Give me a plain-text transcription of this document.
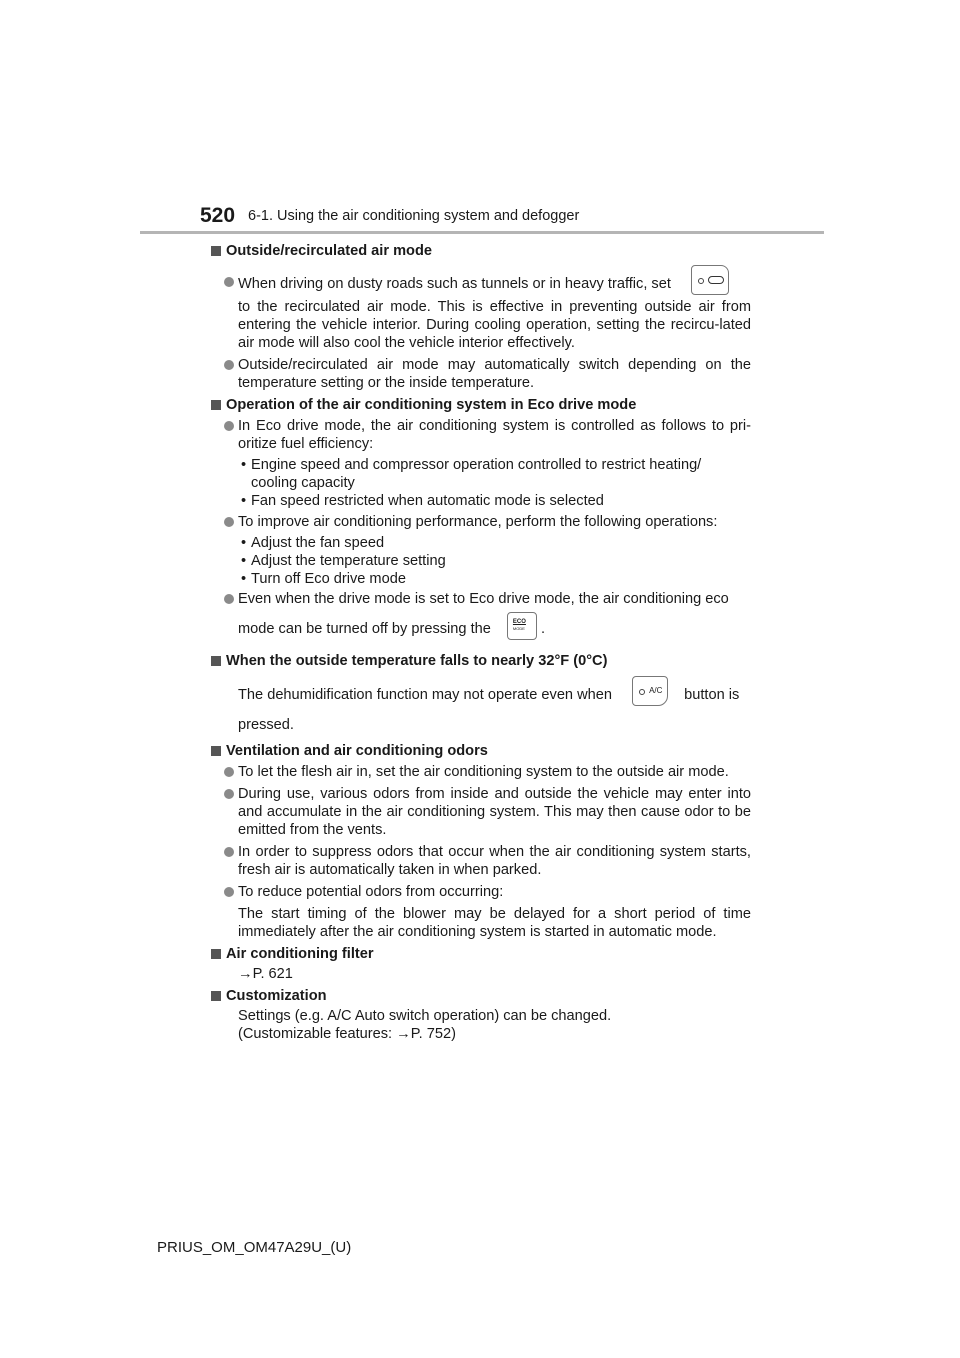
520 6-1. Using the air conditioning system and defogger

Outside/recirculated air mode

When driving on dusty roads such as tunnels or in heavy traffic, set

to the recirculated air mode. This is effective in preventing outside air from entering the vehicle interior. During cooling operation, setting the recircu-lated air mode will also cool the vehicle interior effectively.

Outside/recirculated air mode may automatically switch depending on the temperature setting or the inside temperature.

Operation of the air conditioning system in Eco drive mode

In Eco drive mode, the air conditioning system is controlled as follows to pri-oritize fuel efficiency:

• Engine speed and compressor operation controlled to restrict heating/ cooling capacity

• Fan speed restricted when automatic mode is selected

To improve air conditioning performance, perform the following operations:

• Adjust the fan speed

• Adjust the temperature setting

• Turn off Eco drive mode

Even when the drive mode is set to Eco drive mode, the air conditioning eco

mode can be turned off by pressing the	ECO
MODE .

When the outside temperature falls to nearly 32°F (0°C)

The dehumidification function may not operate even when	A/C button is

pressed.

Ventilation and air conditioning odors

To let the flesh air in, set the air conditioning system to the outside air mode.

During use, various odors from inside and outside the vehicle may enter into and accumulate in the air conditioning system. This may then cause odor to be emitted from the vents.

In order to suppress odors that occur when the air conditioning system starts, fresh air is automatically taken in when parked.

To reduce potential odors from occurring:

The start timing of the blower may be delayed for a short period of time immediately after the air conditioning system is started in automatic mode.

Air conditioning filter

→P. 621

Customization

Settings (e.g. A/C Auto switch operation) can be changed.

(Customizable features: →P. 752)

PRIUS_OM_OM47A29U_(U)
